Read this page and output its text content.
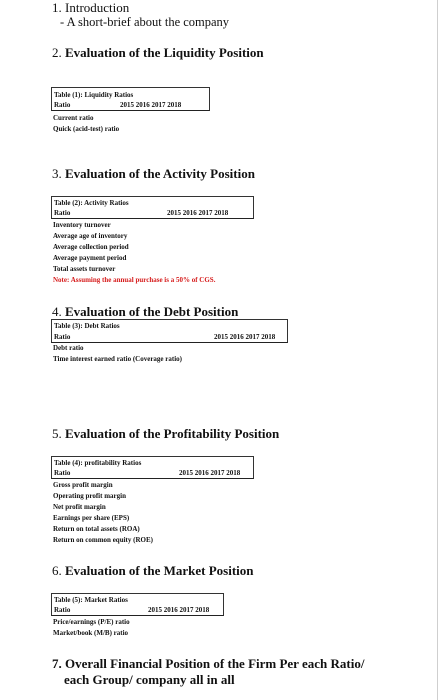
1. Introduction
- A short-brief about the company
2. Evaluation of the Liquidity Position
Table (1): Liquidity Ratios
Ratio	2015 2016 2017 2018
Current ratio
Quick (acid-test) ratio
3. Evaluation of the Activity Position
Table (2): Activity Ratios
Ratio	2015 2016 2017 2018
Inventory turnover
Average age of inventory
Average collection period
Average payment period
Total assets turnover
Note: Assuming the annual purchase is a 50% of CGS.
4. Evaluation of the Debt Position
Table (3): Debt Ratios
Ratio	2015 2016 2017 2018
Debt ratio
Time interest earned ratio (Coverage ratio)
5. Evaluation of the Profitability Position
Table (4): profitability Ratios
Ratio	2015 2016 2017 2018
Gross profit margin
Operating profit margin
Net profit margin
Earnings per share (EPS)
Return on total assets (ROA)
Return on common equity (ROE)
6. Evaluation of the Market Position
Table (5): Market Ratios
Ratio	2015 2016 2017 2018
Price/earnings (P/E) ratio
Market/book (M/B) ratio
7. Overall Financial Position of the Firm Per each Ratio/
each Group/ company all in all
